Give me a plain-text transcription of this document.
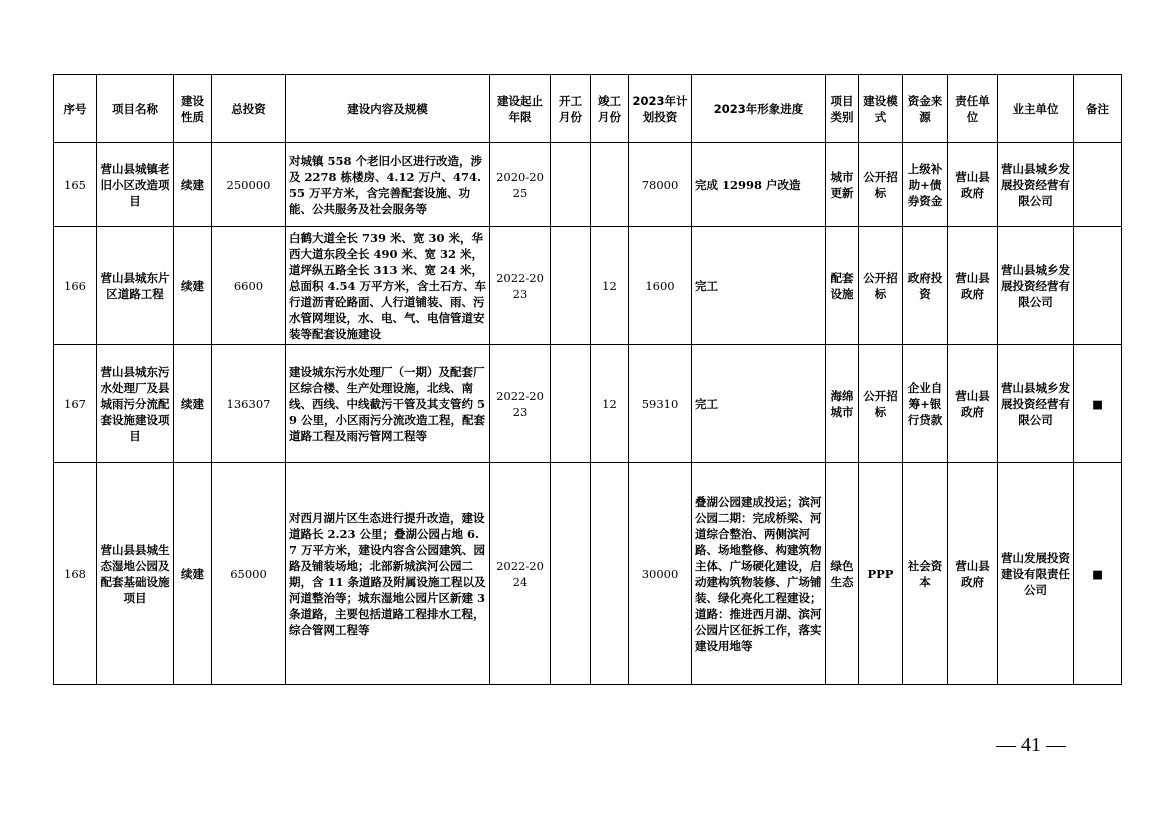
序号	项目名称	建设性质	总投资	建设内容及规模	建设起止年限	开工月份	竣工月份	2023年计划投资	2023年形象进度	项目类别	建设模式	资金来源	责任单位	业主单位	备注
165	营山县城镇老旧小区改造项目	续建	250000	对城镇 558 个老旧小区进行改造，涉及 2278 栋楼房、4.12 万户、474.55 万平方米，含完善配套设施、功能、公共服务及社会服务等	2020-2025			78000	完成 12998 户改造	城市更新	公开招标	上级补助+债券资金	营山县政府	营山县城乡发展投资经营有限公司	
166	营山县城东片区道路工程	续建	6600	白鹤大道全长 739 米、宽 30 米，华西大道东段全长 490 米、宽 32 米，道坪纵五路全长 313 米、宽 24 米，总面积 4.54 万平方米，含土石方、车行道沥青砼路面、人行道铺装、雨、污水管网埋设，水、电、气、电信管道安装等配套设施建设	2022-2023		12	1600	完工	配套设施	公开招标	政府投资	营山县政府	营山县城乡发展投资经营有限公司	
167	营山县城东污水处理厂及县城雨污分流配套设施建设项目	续建	136307	建设城东污水处理厂（一期）及配套厂区综合楼、生产处理设施，北线、南线、西线、中线截污干管及其支管约 59 公里，小区雨污分流改造工程，配套道路工程及雨污管网工程等	2022-2023		12	59310	完工	海绵城市	公开招标	企业自筹+银行贷款	营山县政府	营山县城乡发展投资经营有限公司	■
168	营山县县城生态湿地公园及配套基础设施项目	续建	65000	对西月湖片区生态进行提升改造，建设道路长 2.23 公里；叠湖公园占地 6.7 万平方米，建设内容含公园建筑、园路及铺装场地；北部新城滨河公园二期，含 11 条道路及附属设施工程以及河道整治等；城东湿地公园片区新建 3 条道路，主要包括道路工程排水工程，综合管网工程等	2022-2024			30000	叠湖公园建成投运；滨河公园二期：完成桥梁、河道综合整治、两侧滨河路、场地整修、构建筑物主体、广场硬化建设，启动建构筑物装修、广场铺装、绿化亮化工程建设；道路：推进西月湖、滨河公园片区征拆工作，落实建设用地等	绿色生态	PPP	社会资本	营山县政府	营山发展投资建设有限责任公司	■
— 41 —
